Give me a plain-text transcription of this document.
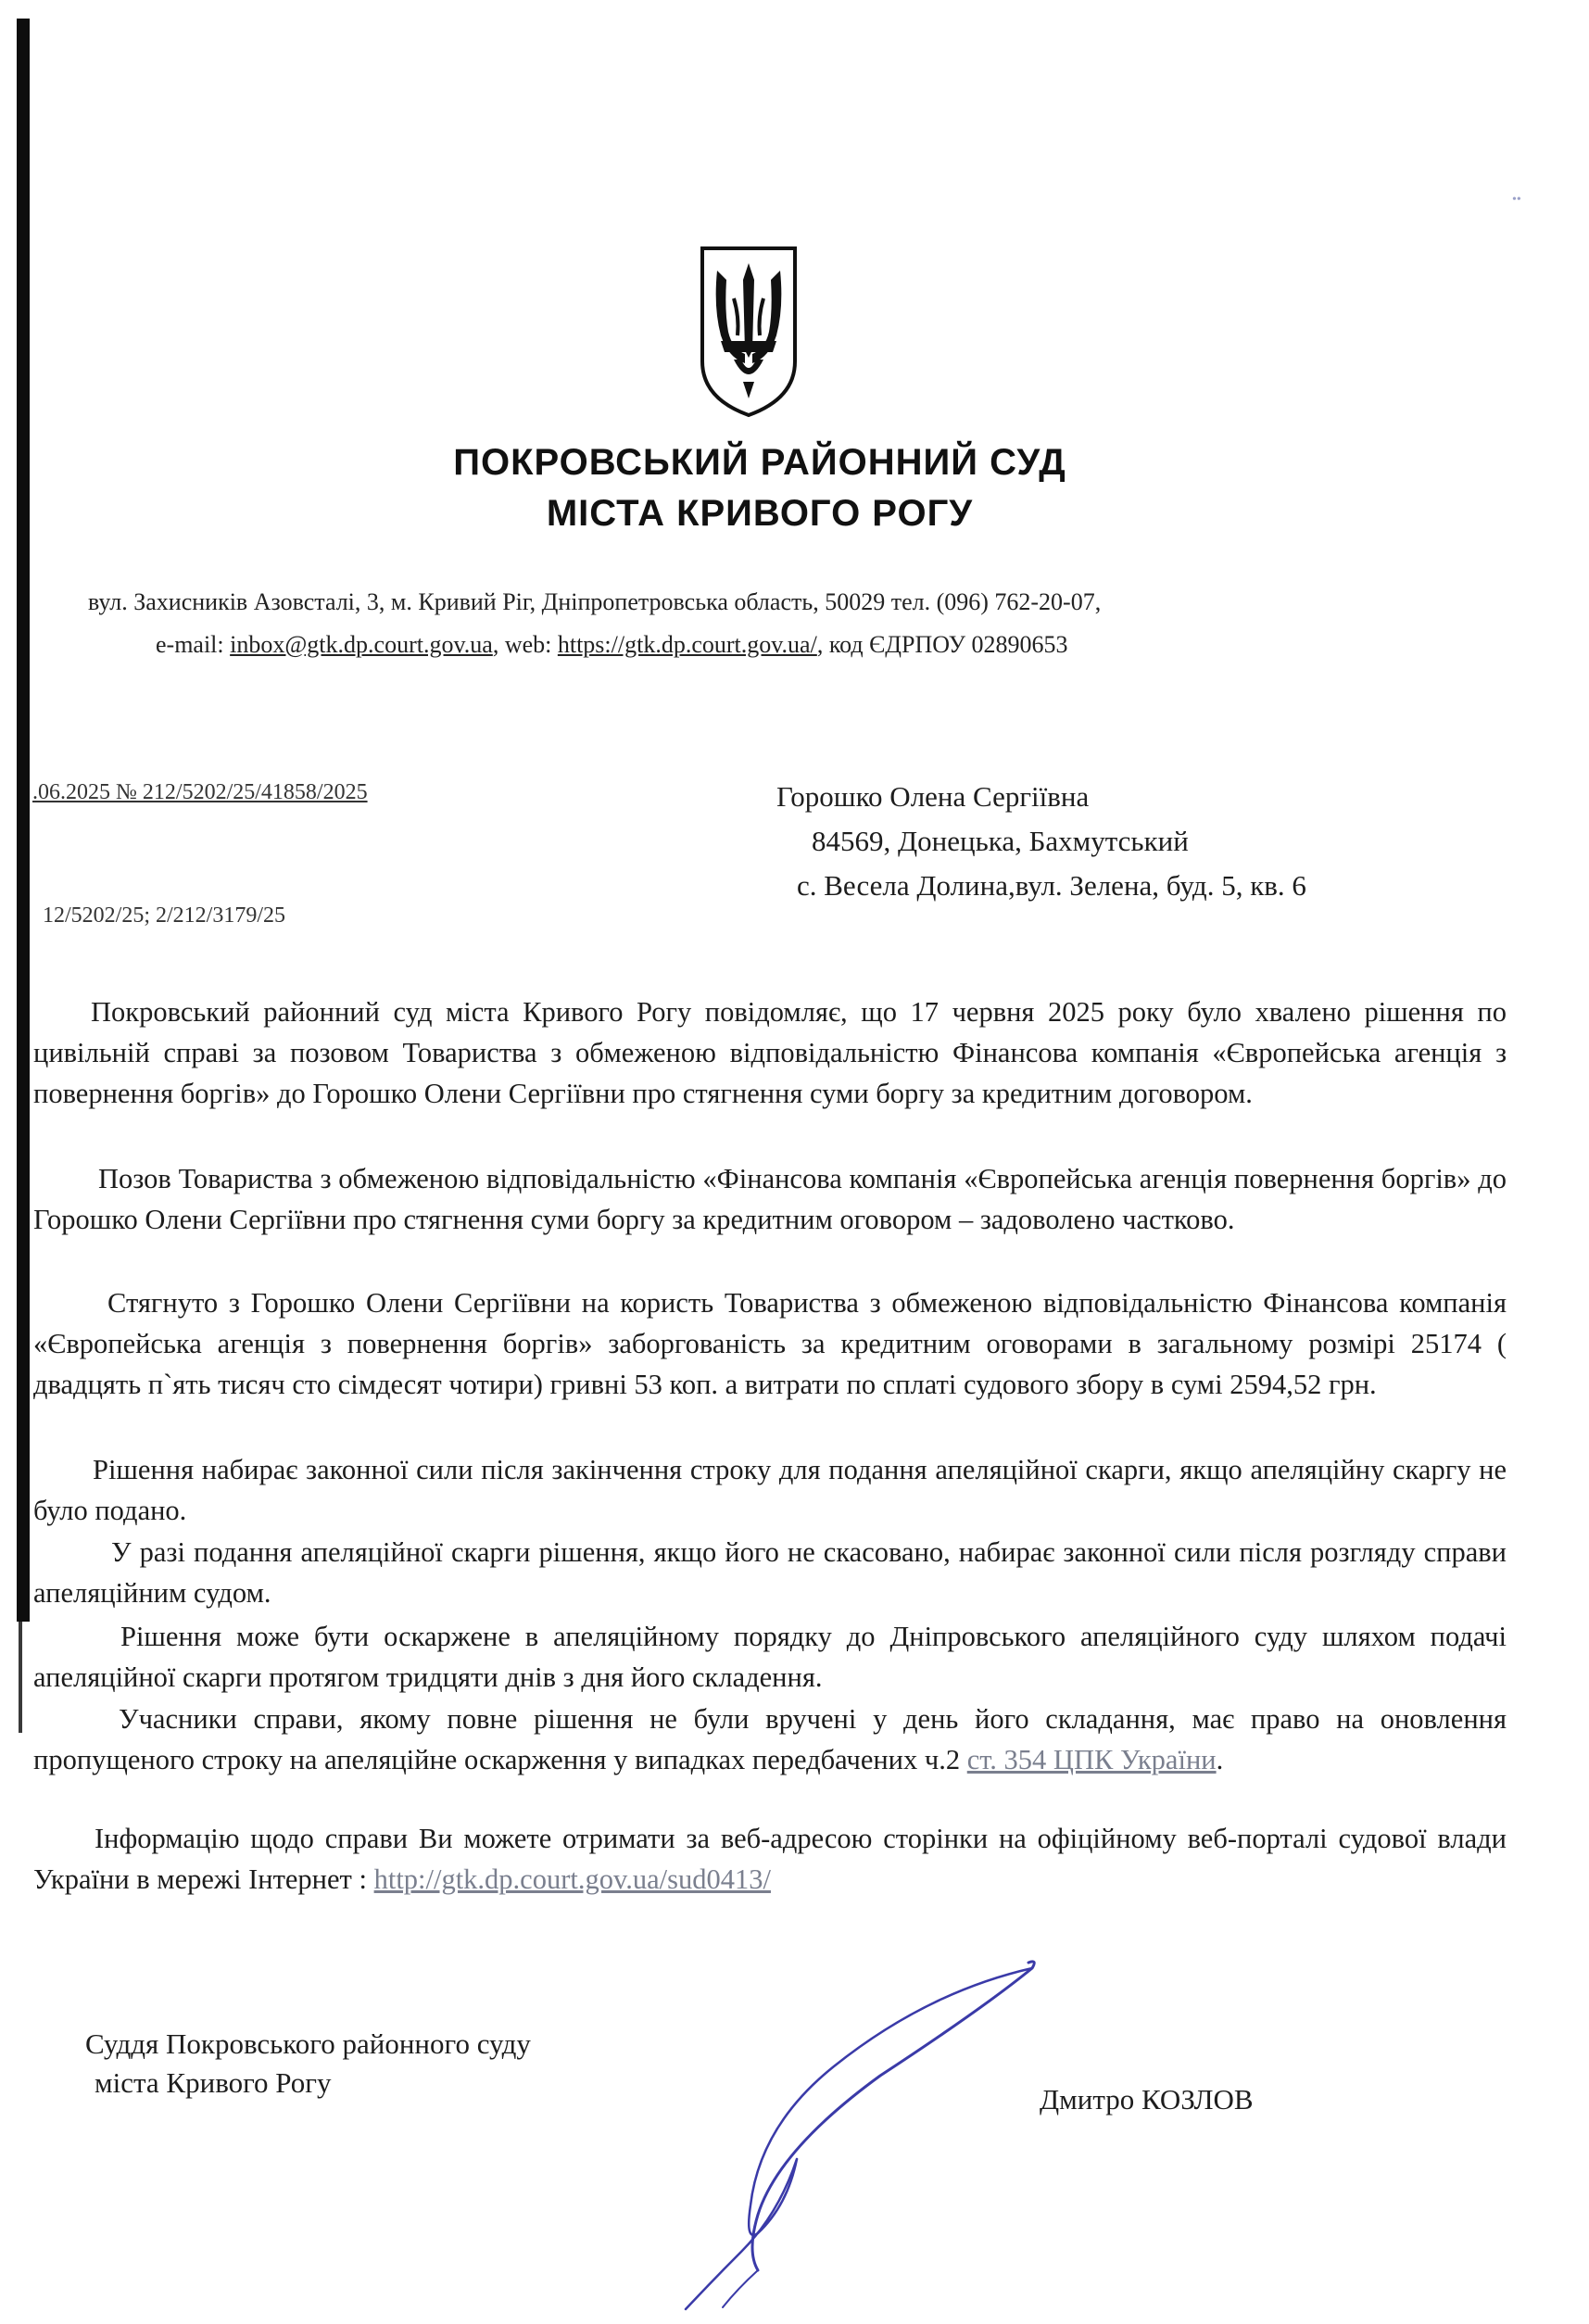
••
ПОКРОВСЬКИЙ РАЙОННИЙ СУД
МІСТА КРИВОГО РОГУ
вул. Захисників Азовсталі, 3, м. Кривий Ріг, Дніпропетровська область, 50029 тел. (096) 762-20-07,
e-mail: inbox@gtk.dp.court.gov.ua, web: https://gtk.dp.court.gov.ua/, код ЄДРПОУ 02890653
.06.2025 № 212/5202/25/41858/2025
12/5202/25; 2/212/3179/25
Горошко Олена Сергіївна
84569, Донецька, Бахмутський
с. Весела Долина,вул. Зелена, буд. 5, кв. 6
Покровський районний суд міста Кривого Рогу повідомляє, що 17 червня 2025 року було хвалено рішення по цивільній справі за позовом Товариства з обмеженою відповідальністю Фінансова компанія «Європейська агенція з повернення боргів» до Горошко Олени Сергіївни про стягнення суми боргу за кредитним договором.
Позов Товариства з обмеженою відповідальністю «Фінансова компанія «Європейська агенція повернення боргів» до Горошко Олени Сергіївни про стягнення суми боргу за кредитним оговором – задоволено частково.
Стягнуто з Горошко Олени Сергіївни на користь Товариства з обмеженою відповідальністю Фінансова компанія «Європейська агенція з повернення боргів» заборгованість за кредитним оговорами в загальному розмірі 25174 ( двадцять п`ять тисяч сто сімдесят чотири) гривні 53 коп. а витрати по сплаті судового збору в сумі 2594,52 грн.
Рішення набирає законної сили після закінчення строку для подання апеляційної скарги, якщо апеляційну скаргу не було подано.
У разі подання апеляційної скарги рішення, якщо його не скасовано, набирає законної сили після розгляду справи апеляційним судом.
Рішення може бути оскаржене в апеляційному порядку до Дніпровського апеляційного суду шляхом подачі апеляційної скарги протягом тридцяти днів з дня його складення.
Учасники справи, якому повне рішення не були вручені у день його складання, має право на оновлення пропущеного строку на апеляційне оскарження у випадках передбачених ч.2 ст. 354 ЦПК України.
Інформацію щодо справи Ви можете отримати за веб-адресою сторінки на офіційному веб-порталі судової влади України в мережі Інтернет : http://gtk.dp.court.gov.ua/sud0413/
Суддя Покровського районного суду
міста Кривого Рогу
Дмитро КОЗЛОВ
